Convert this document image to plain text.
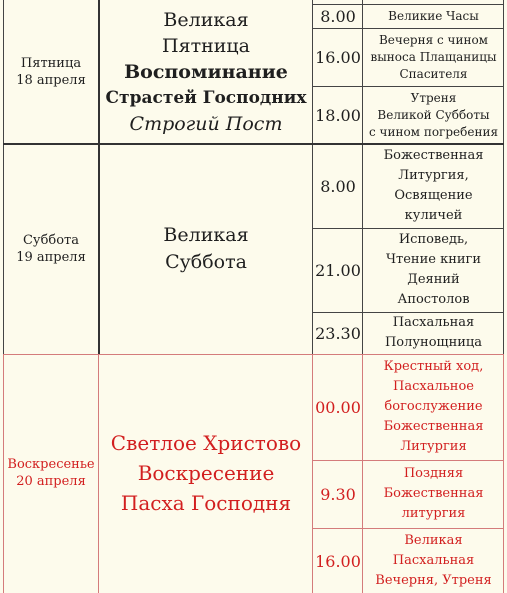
Пятница
18 апреля
Великая
Пятница
Воспоминание
Страстей Господних
Строгий Пост
8.00	Великие Часы
16.00
Вечерня с чином
выноса Плащаницы
Спасителя
18.00
Утреня
Великой Субботы
с чином погребения
Суббота
19 апреля
Великая
Суббота
8.00
Божественная
Литургия,
Освящение
куличей
21.00
Исповедь,
Чтение книги
Деяний
Апостолов
23.30
Пасхальная
Полунощница
Воскресенье
20 апреля
Светлое Христово
Воскресение
Пасха Господня
00.00
Крестный ход,
Пасхальное
богослужение
Божественная
Литургия
9.30
Поздняя
Божественная
литургия
16.00
Великая
Пасхальная
Вечерня, Утреня
